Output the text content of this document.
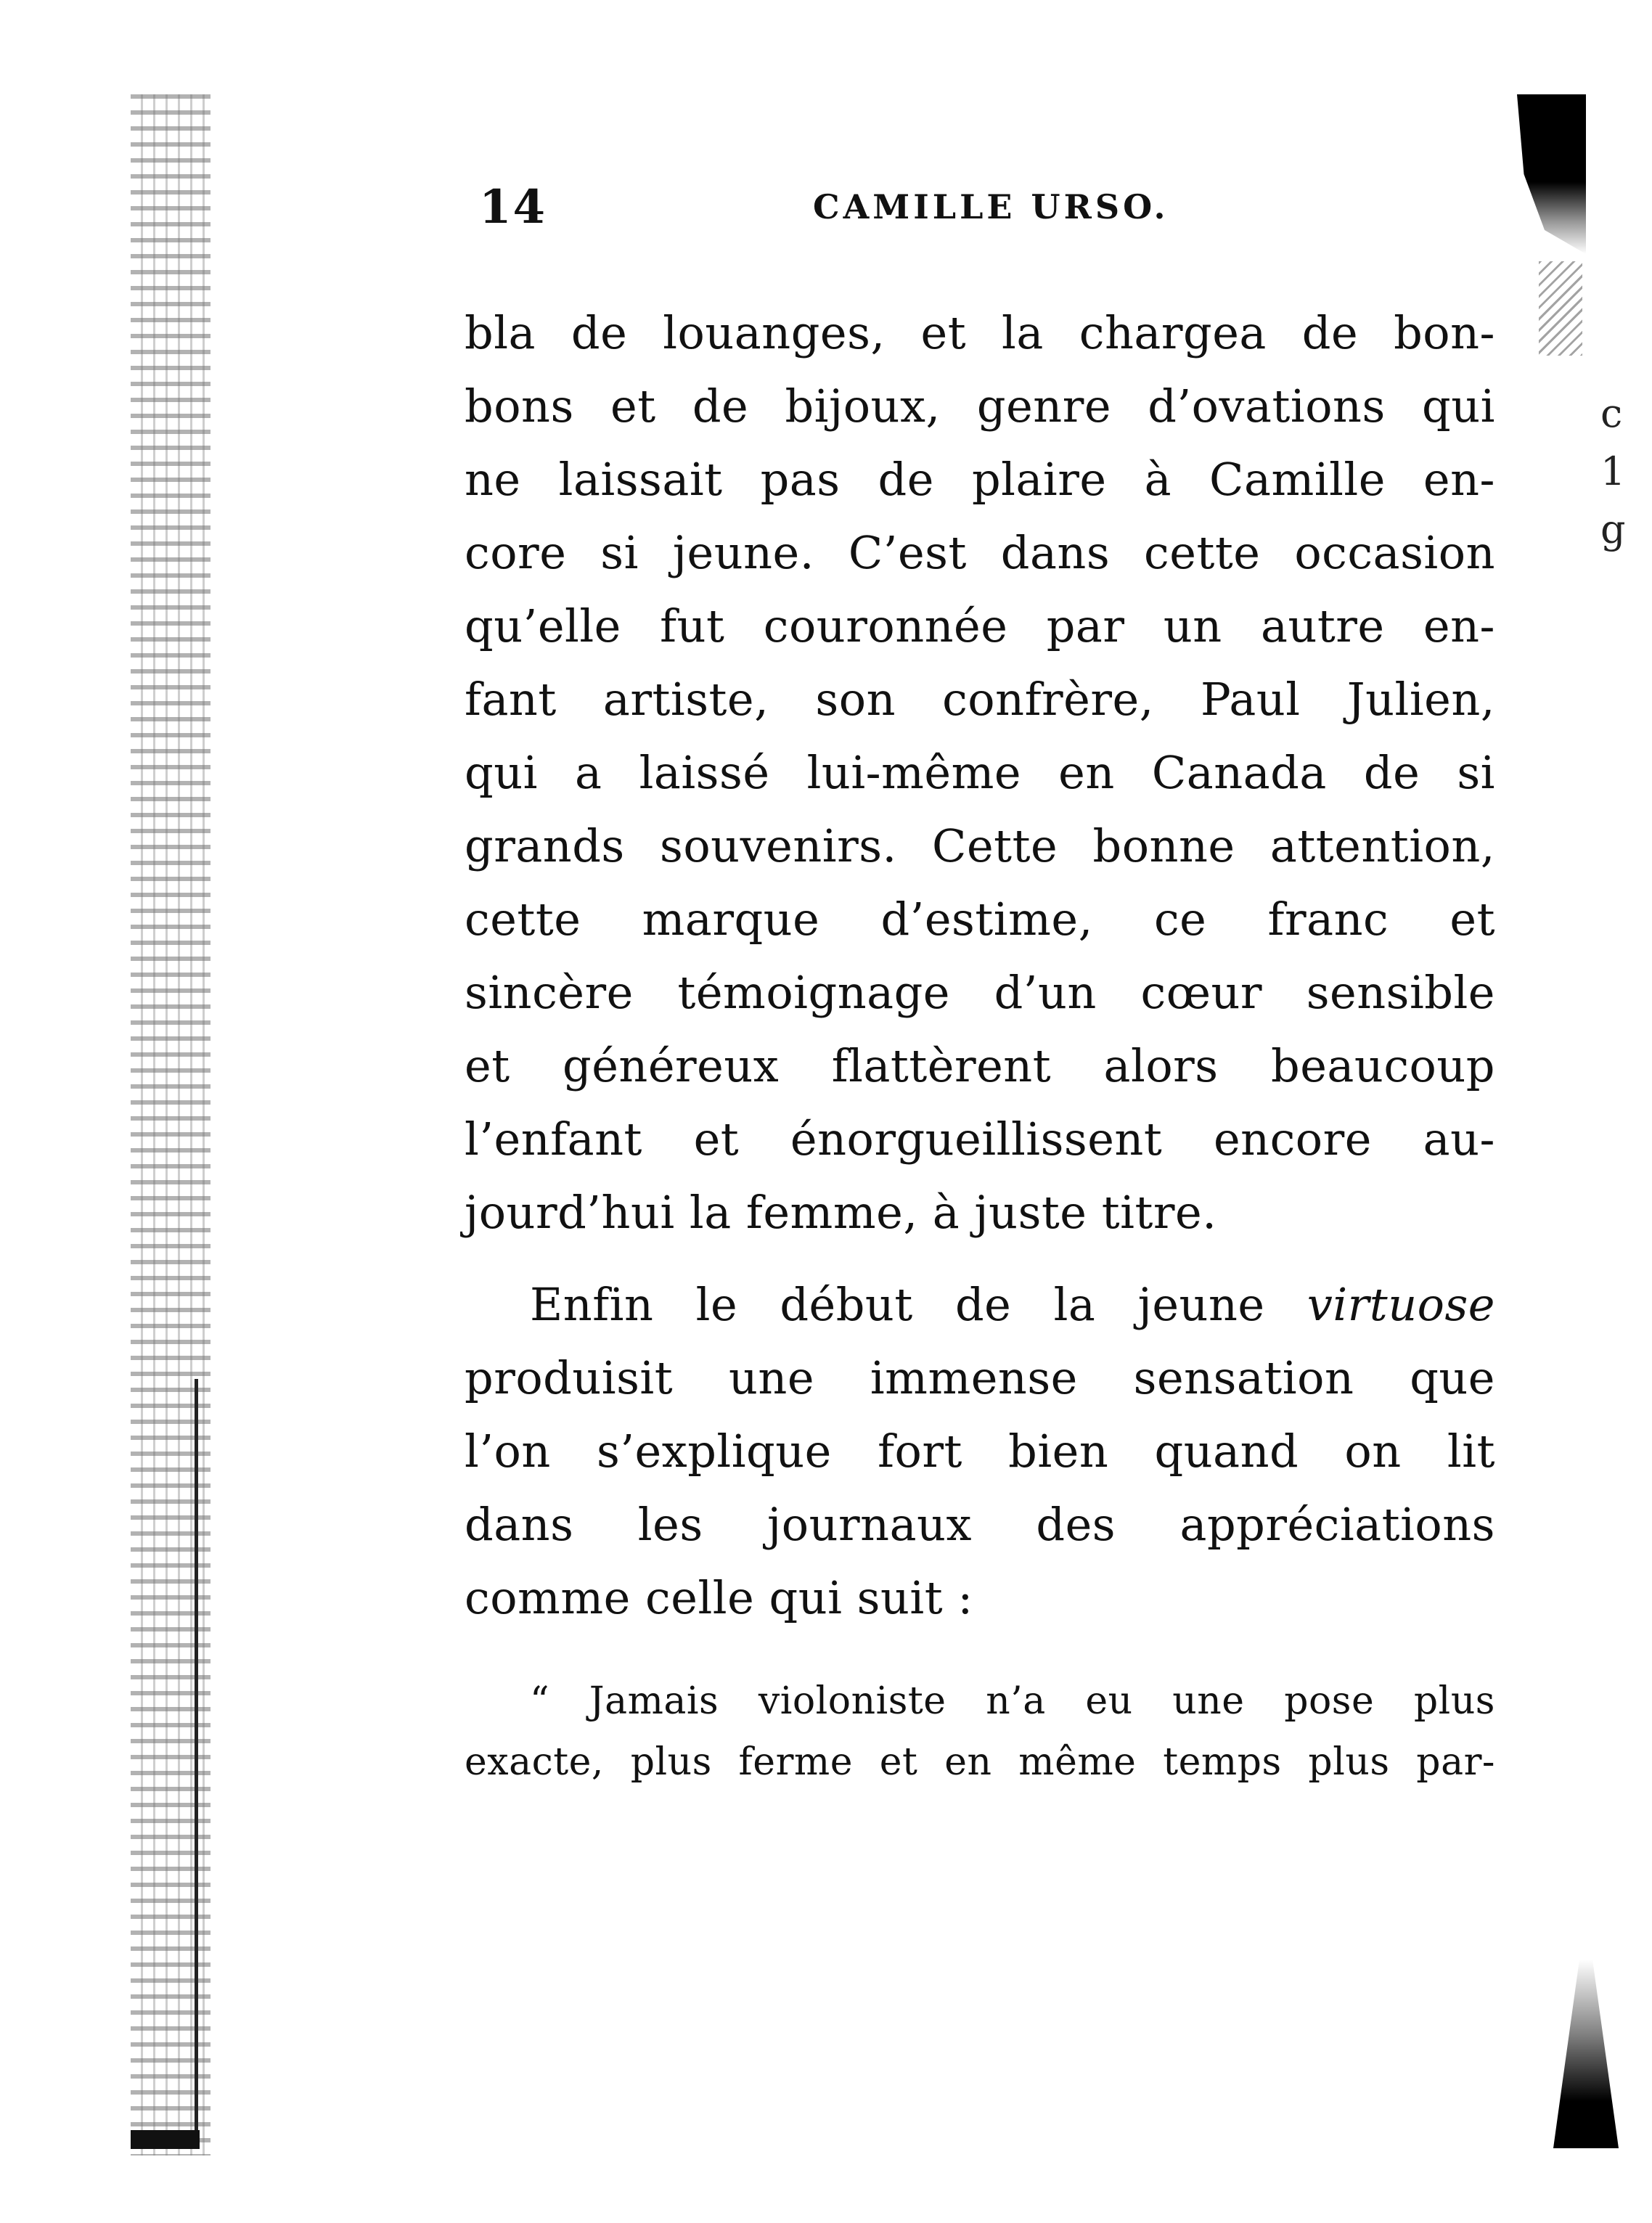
c
1
g
14	CAMILLE URSO.
bla de louanges, et la chargea de bon-
bons et de bijoux, genre d’ovations qui
ne laissait pas de plaire à Camille en-
core si jeune. C’est dans cette occasion
qu’elle fut couronnée par un autre en-
fant artiste, son confrère, Paul Julien,
qui a laissé lui-même en Canada de si
grands souvenirs. Cette bonne attention,
cette marque d’estime, ce franc et
sincère témoignage d’un cœur sensible
et généreux flattèrent alors beaucoup
l’enfant et énorgueillissent encore au-
jourd’hui la femme, à juste titre.
Enfin le début de la jeune virtuose
produisit une immense sensation que
l’on s’explique fort bien quand on lit
dans les journaux des appréciations
comme celle qui suit :
“ Jamais violoniste n’a eu une pose plus
exacte, plus ferme et en même temps plus par-
